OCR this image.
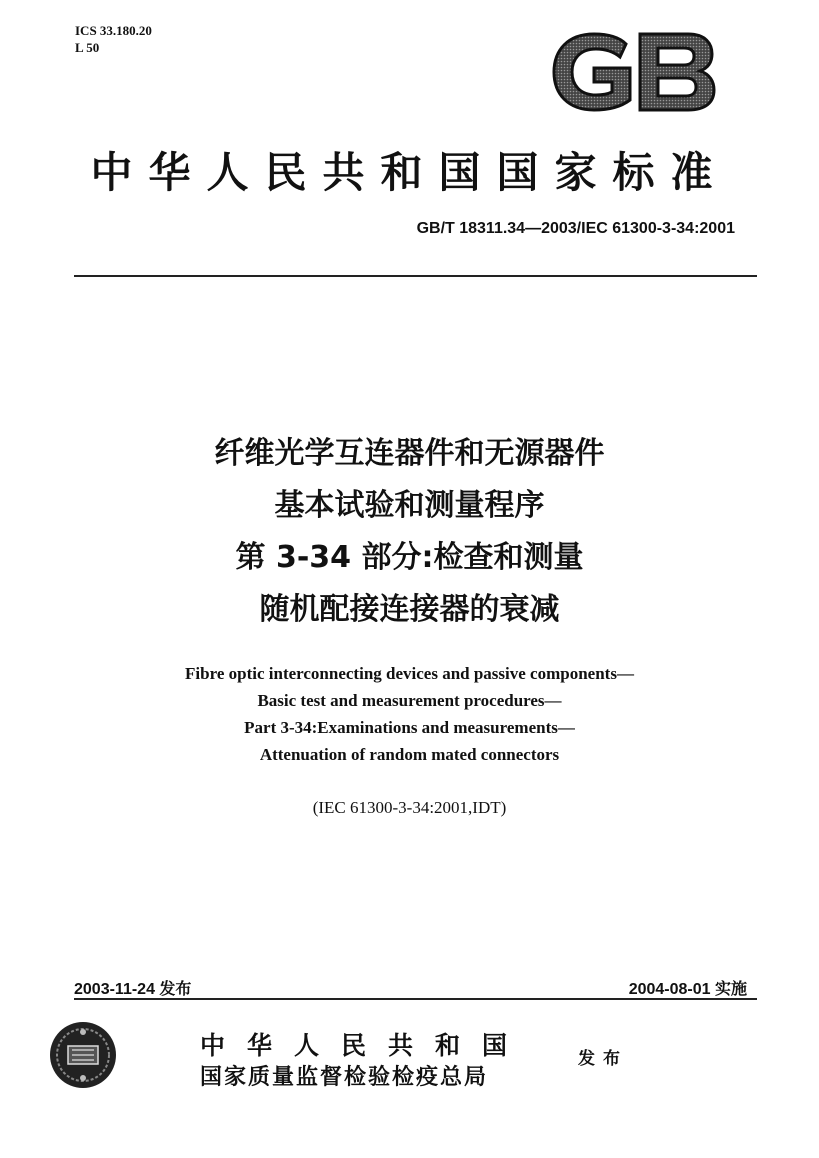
ICS 33.180.20
L 50
中华人民共和国国家标准
GB/T 18311.34—2003/IEC 61300-3-34:2001
纤维光学互连器件和无源器件
基本试验和测量程序
第 3-34 部分:检查和测量
随机配接连接器的衰减
Fibre optic interconnecting devices and passive components—
Basic test and measurement procedures—
Part 3-34:Examinations and measurements—
Attenuation of random mated connectors
(IEC 61300-3-34:2001,IDT)
2003-11-24 发布	2004-08-01 实施
中华人民共和国
国家质量监督检验检疫总局
发布
